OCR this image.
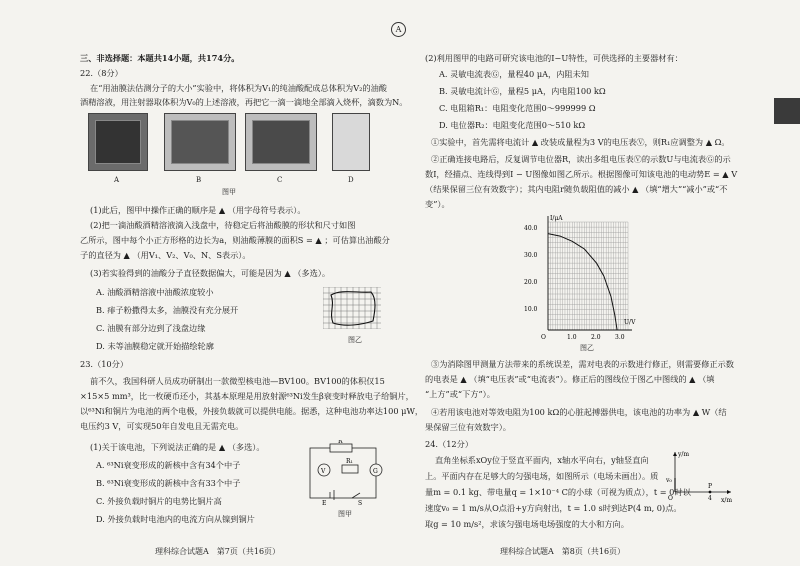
A
三、非选择题：本题共14小题，共174分。
22.（8分）
在“用油膜法估测分子的大小”实验中，将体积为V₁的纯油酸配成总体积为V₂的油酸
酒精溶液，用注射器取体积为V₀的上述溶液，再把它一滴一滴地全部滴入烧杯，滴数为N。
A	B	C	D
图甲
(1)此后，图甲中操作正确的顺序是 ▲ （用字母符号表示）。
(2)把一滴油酸酒精溶液滴入浅盘中，待稳定后将油酸膜的形状和尺寸如图
乙所示，图中每个小正方形格的边长为a，则油酸薄膜的面积S = ▲ ；可估算出油酸分
子的直径为 ▲ （用V₁、V₂、V₀、N、S表示）。
(3)若实验得到的油酸分子直径数据偏大，可能是因为 ▲ （多选）。
A. 油酸酒精溶液中油酸浓度较小
B. 痱子粉撒得太多，油膜没有充分展开
C. 油膜有部分边到了浅盘边缘
D. 未等油膜稳定就开始描绘轮廓
图乙
23.（10分）
前不久，我国科研人员成功研制出一款微型核电池—BV100。BV100的体积仅15
×15×5 mm³，比一枚硬币还小，其基本原理是用放射源⁶³Ni发生β衰变时释放电子给铜片，
以⁶³Ni和铜片为电池的两个电极，外接负载就可以提供电能。据悉，这种电池功率达100 μW，
电压约3 V，可实现50年自发电且无需充电。
(1)关于该电池，下列说法正确的是 ▲ （多选）。
A. ⁶³Ni衰变形成的新核中含有34个中子
B. ⁶³Ni衰变形成的新核中含有33个中子
C. 外接负载时铜片的电势比铜片高
D. 外接负载时电池内的电流方向从镍到铜片
R
V	G
R₁
E	S
图甲
理科综合试题A　第7页（共16页）
(2)利用图甲的电路可研究该电池的I−U特性，可供选择的主要器材有：
A. 灵敏电流表Ⓖ，量程40 μA，内阻未知
B. 灵敏电流计Ⓖ，量程5 μA，内电阻100 kΩ
C. 电阻箱R₁：电阻变化范围0～999999 Ω
D. 电位器R₂：电阻变化范围0～510 kΩ
①实验中，首先需将电流计 ▲ 改装成量程为3 V的电压表Ⓥ，则R₁应调整为 ▲ Ω。
②正确连接电路后，反复调节电位器R，读出多组电压表Ⓥ的示数U与电流表Ⓖ的示
数I，经描点、连线得到I − U图像如图乙所示。根据图像可知该电池的电动势E = ▲ V
（结果保留三位有效数字）；其内电阻r随负载阻值的减小 ▲ （填“增大”“减小”或“不
变”）。
I/μA
U/V
40.0
30.0
20.0
10.0
O	1.0 2.0 3.0
图乙
③为消除图甲测量方法带来的系统误差，需对电表的示数进行修正，则需要修正示数
的电表是 ▲ （填“电压表”或“电流表”）。修正后的图线位于图乙中图线的 ▲ （填
“上方”或“下方”）。
④若用该电池对等效电阻为100 kΩ的心脏起搏器供电，该电池的功率为 ▲ W（结
果保留三位有效数字）。
24.（12分）
直角坐标系xOy位于竖直平面内，x轴水平向右，y轴竖直向
上。平面内存在足够大的匀强电场，如图所示（电场未画出）。质
量m = 0.1 kg、带电量q = 1×10⁻⁴ C的小球（可视为质点），t = 0时以
速度v₀ = 1 m/s从O点沿+y方向射出，t = 1.0 s时到达P(4 m, 0)点。
取g = 10 m/s²，求该匀强电场电场强度的大小和方向。
y/m
x/m
v₀
P
O	4
理科综合试题A　第8页（共16页）
